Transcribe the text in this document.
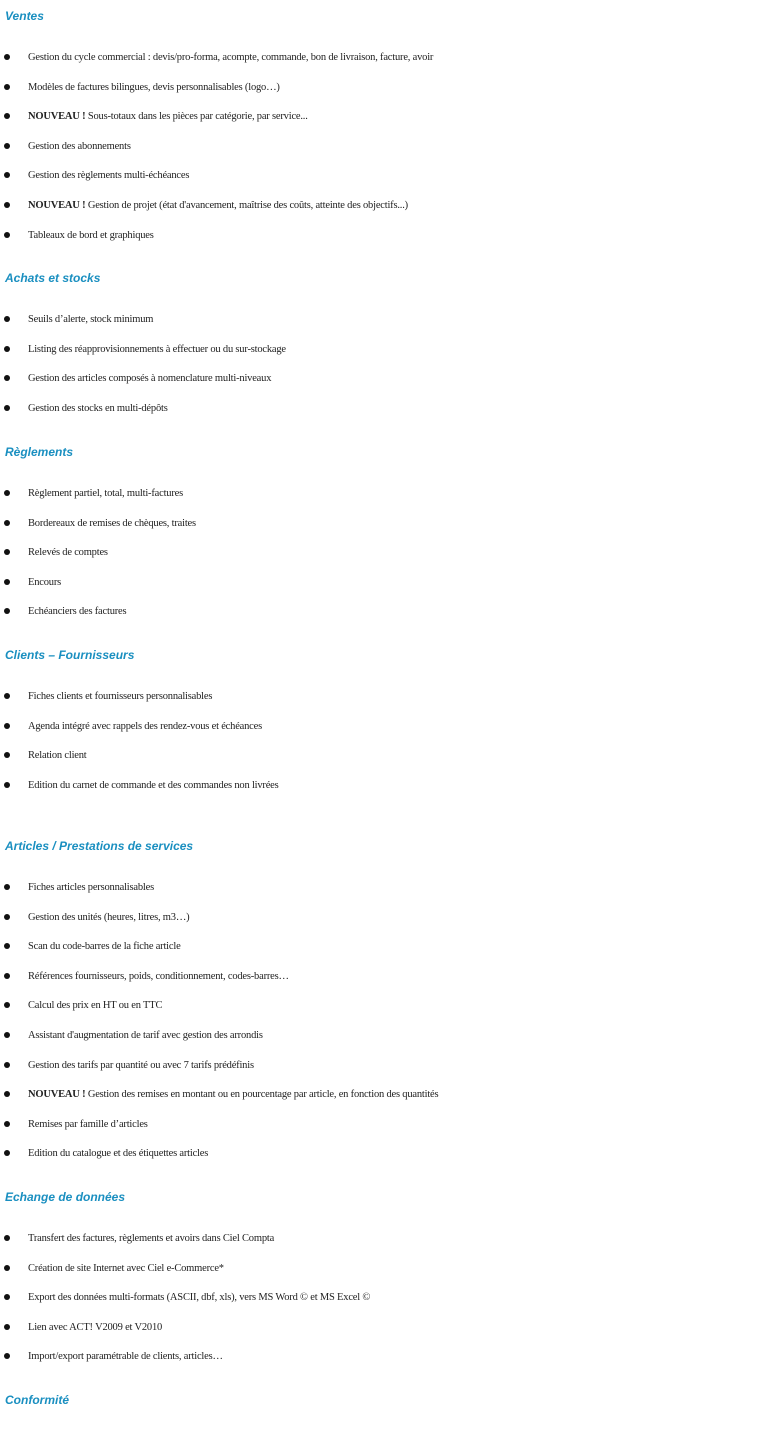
Ventes
Gestion du cycle commercial : devis/pro-forma, acompte, commande, bon de livraison, facture, avoir
Modèles de factures bilingues, devis personnalisables (logo…)
NOUVEAU ! Sous-totaux dans les pièces par catégorie, par service...
Gestion des abonnements
Gestion des règlements multi-échéances
NOUVEAU ! Gestion de projet (état d'avancement, maîtrise des coûts, atteinte des objectifs...)
Tableaux de bord et graphiques
Achats et stocks
Seuils d’alerte, stock minimum
Listing des réapprovisionnements à effectuer ou du sur-stockage
Gestion des articles composés à nomenclature multi-niveaux
Gestion des stocks en multi-dépôts
Règlements
Règlement partiel, total, multi-factures
Bordereaux de remises de chèques, traites
Relevés de comptes
Encours
Echéanciers des factures
Clients – Fournisseurs
Fiches clients et fournisseurs personnalisables
Agenda intégré avec rappels des rendez-vous et échéances
Relation client
Edition du carnet de commande et des commandes non livrées
Articles / Prestations de services
Fiches articles personnalisables
Gestion des unités (heures, litres, m3…)
Scan du code-barres de la fiche article
Références fournisseurs, poids, conditionnement, codes-barres…
Calcul des prix en HT ou en TTC
Assistant d'augmentation de tarif avec gestion des arrondis
Gestion des tarifs par quantité ou avec 7 tarifs prédéfinis
NOUVEAU ! Gestion des remises en montant ou en pourcentage par article, en fonction des quantités
Remises par famille d’articles
Edition du catalogue et des étiquettes articles
Echange de données
Transfert des factures, règlements et avoirs dans Ciel Compta
Création de site Internet avec Ciel e-Commerce*
Export des données multi-formats (ASCII, dbf, xls), vers MS Word © et MS Excel ©
Lien avec ACT! V2009 et V2010
Import/export paramétrable de clients, articles…
Conformité
